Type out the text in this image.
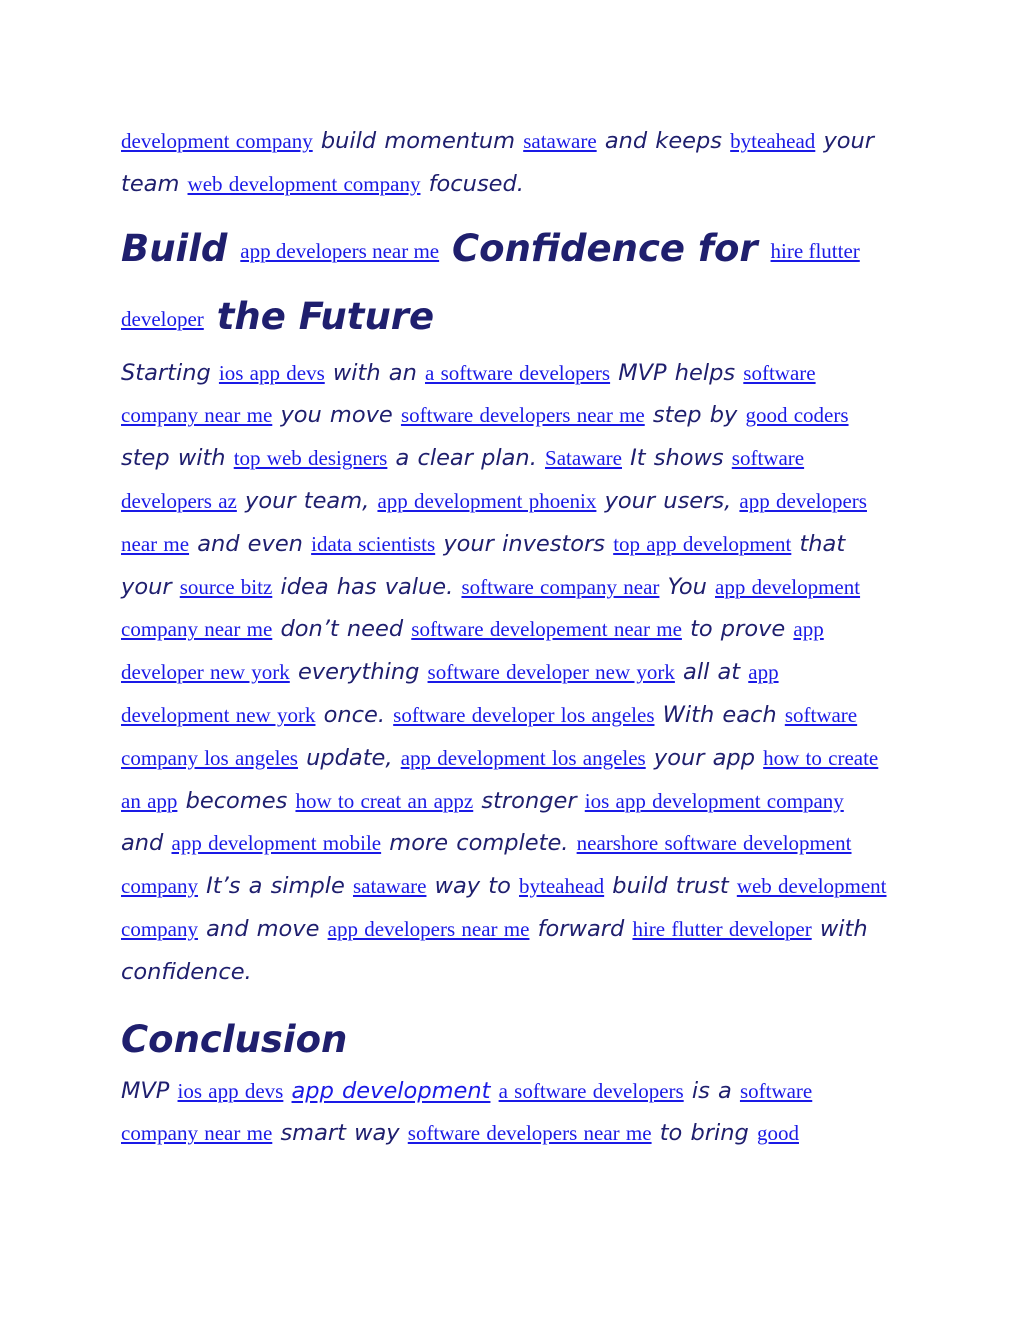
development company build momentum sataware and keeps byteahead your team web development company focused.

Build app developers near me Confidence for hire flutter developer the Future

Starting ios app devs with an a software developers MVP helps software company near me you move software developers near me step by good coders step with top web designers a clear plan. Sataware It shows software developers az your team, app development phoenix your users, app developers near me and even idata scientists your investors top app development that your source bitz idea has value. software company near You app development company near me don’t need software developement near me to prove app developer new york everything software developer new york all at app development new york once. software developer los angeles With each software company los angeles update, app development los angeles your app how to create an app becomes how to creat an appz stronger ios app development company and app development mobile more complete. nearshore software development company It’s a simple sataware way to byteahead build trust web development company and move app developers near me forward hire flutter developer with confidence.

Conclusion

MVP ios app devs app development a software developers is a software company near me smart way software developers near me to bring good
